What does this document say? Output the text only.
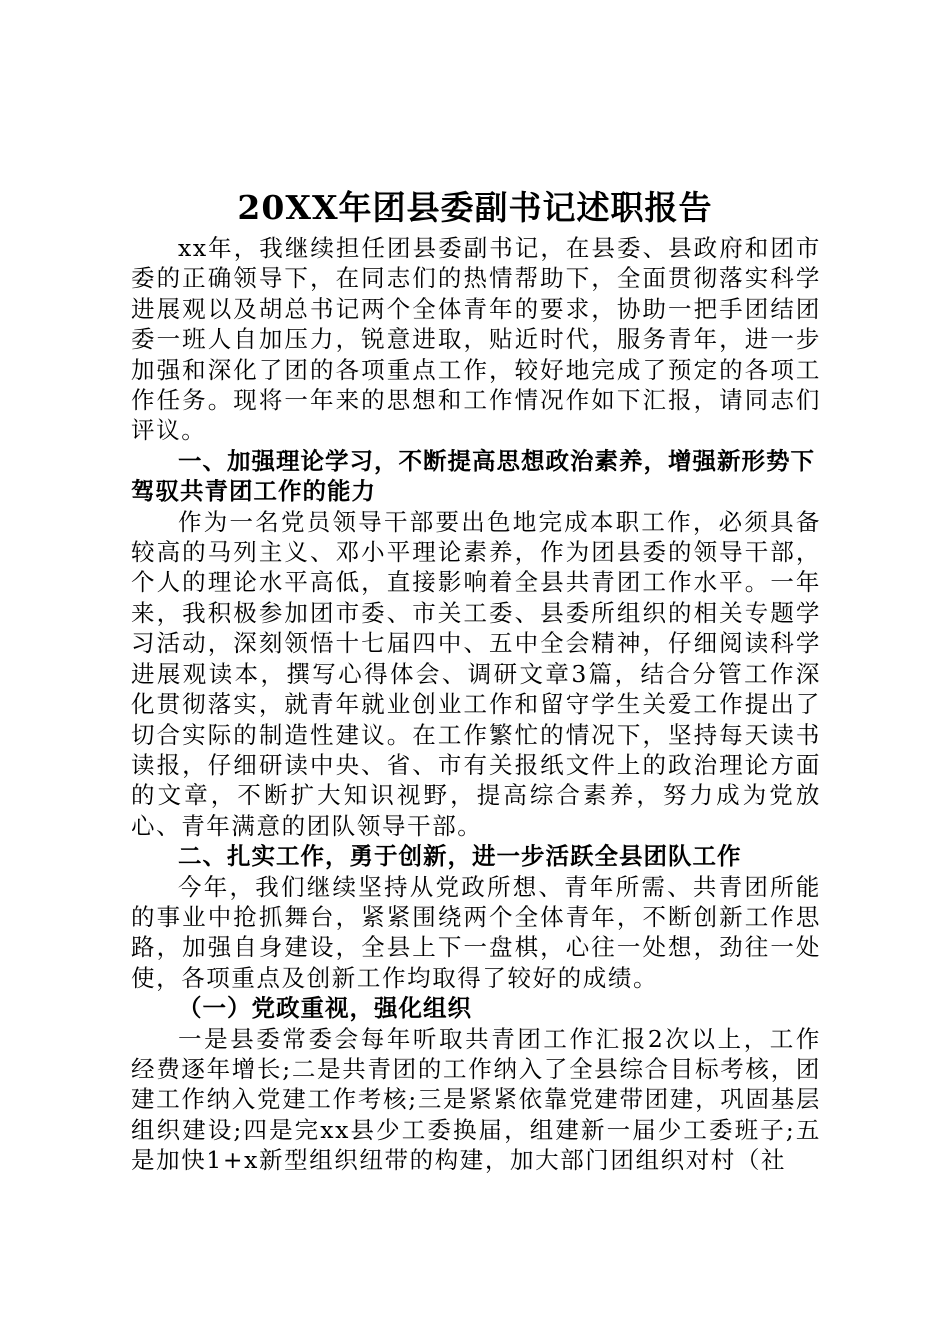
20XX年团县委副书记述职报告

xx年，我继续担任团县委副书记，在县委、县政府和团市委的正确领导下，在同志们的热情帮助下，全面贯彻落实科学进展观以及胡总书记两个全体青年的要求，协助一把手团结团委一班人自加压力，锐意进取，贴近时代，服务青年，进一步加强和深化了团的各项重点工作，较好地完成了预定的各项工作任务。现将一年来的思想和工作情况作如下汇报，请同志们评议。

一、加强理论学习，不断提高思想政治素养，增强新形势下驾驭共青团工作的能力

作为一名党员领导干部要出色地完成本职工作，必须具备较高的马列主义、邓小平理论素养，作为团县委的领导干部，个人的理论水平高低，直接影响着全县共青团工作水平。一年来，我积极参加团市委、市关工委、县委所组织的相关专题学习活动，深刻领悟十七届四中、五中全会精神，仔细阅读科学进展观读本，撰写心得体会、调研文章3篇，结合分管工作深化贯彻落实，就青年就业创业工作和留守学生关爱工作提出了切合实际的制造性建议。在工作繁忙的情况下，坚持每天读书读报，仔细研读中央、省、市有关报纸文件上的政治理论方面的文章，不断扩大知识视野，提高综合素养，努力成为党放心、青年满意的团队领导干部。

二、扎实工作，勇于创新，进一步活跃全县团队工作

今年，我们继续坚持从党政所想、青年所需、共青团所能的事业中抢抓舞台，紧紧围绕两个全体青年，不断创新工作思路，加强自身建设，全县上下一盘棋，心往一处想，劲往一处使，各项重点及创新工作均取得了较好的成绩。

（一）党政重视，强化组织

一是县委常委会每年听取共青团工作汇报2次以上，工作经费逐年增长;二是共青团的工作纳入了全县综合目标考核，团建工作纳入党建工作考核;三是紧紧依靠党建带团建，巩固基层组织建设;四是完xx县少工委换届，组建新一届少工委班子;五是加快1+x新型组织纽带的构建，加大部门团组织对村（社
